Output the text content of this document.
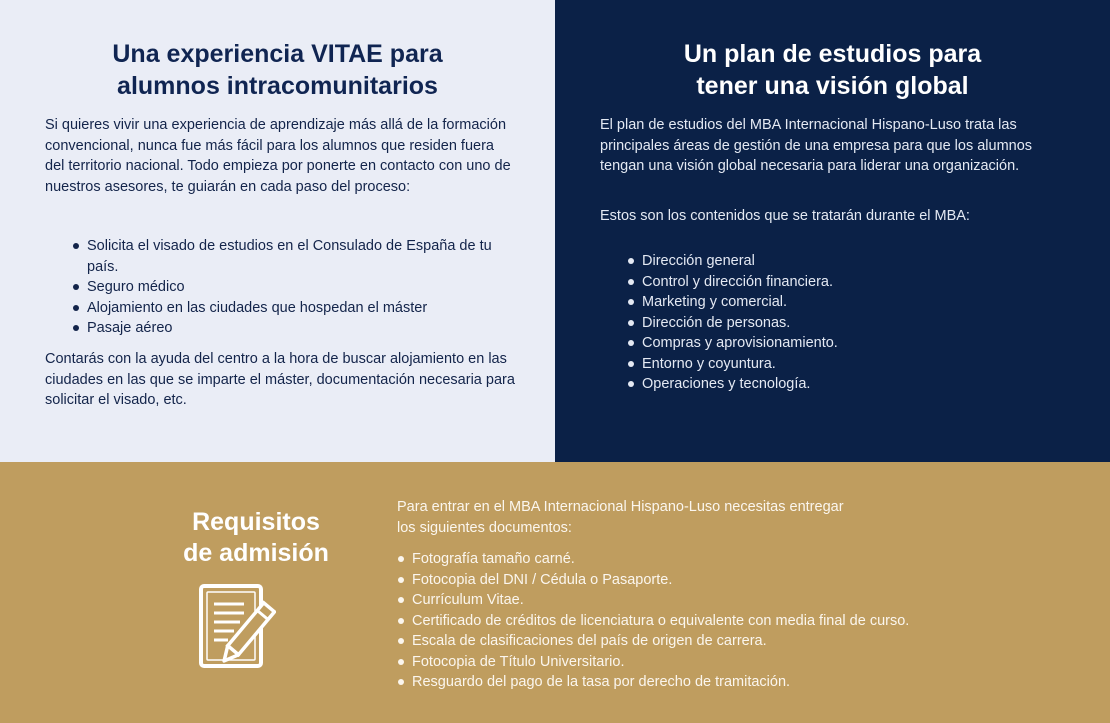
Una experiencia VITAE para
alumnos intracomunitarios

Si quieres vivir una experiencia de aprendizaje más allá de la formación convencional, nunca fue más fácil para los alumnos que residen fuera del territorio nacional. Todo empieza por ponerte en contacto con uno de nuestros asesores, te guiarán en cada paso del proceso:

Solicita el visado de estudios en el Consulado de España de tu país.
Seguro médico
Alojamiento en las ciudades que hospedan el máster
Pasaje aéreo

Contarás con la ayuda del centro a la hora de buscar alojamiento en las ciudades en las que se imparte el máster, documentación necesaria para solicitar el visado, etc.

Un plan de estudios para
tener una visión global

El plan de estudios del MBA Internacional Hispano-Luso trata las principales áreas de gestión de una empresa para que los alumnos tengan una visión global necesaria para liderar una organización.

Estos son los contenidos que se tratarán durante el MBA:

Dirección general
Control y dirección financiera.
Marketing y comercial.
Dirección de personas.
Compras y aprovisionamiento.
Entorno y coyuntura.
Operaciones y tecnología.
Requisitos
de admisión

Para entrar en el MBA Internacional Hispano-Luso necesitas entregar
los siguientes documentos:

Fotografía tamaño carné.
Fotocopia del DNI / Cédula o Pasaporte.
Currículum Vitae.
Certificado de créditos de licenciatura o equivalente con media final de curso.
Escala de clasificaciones del país de origen de carrera.
Fotocopia de Título Universitario.
Resguardo del pago de la tasa por derecho de tramitación.
